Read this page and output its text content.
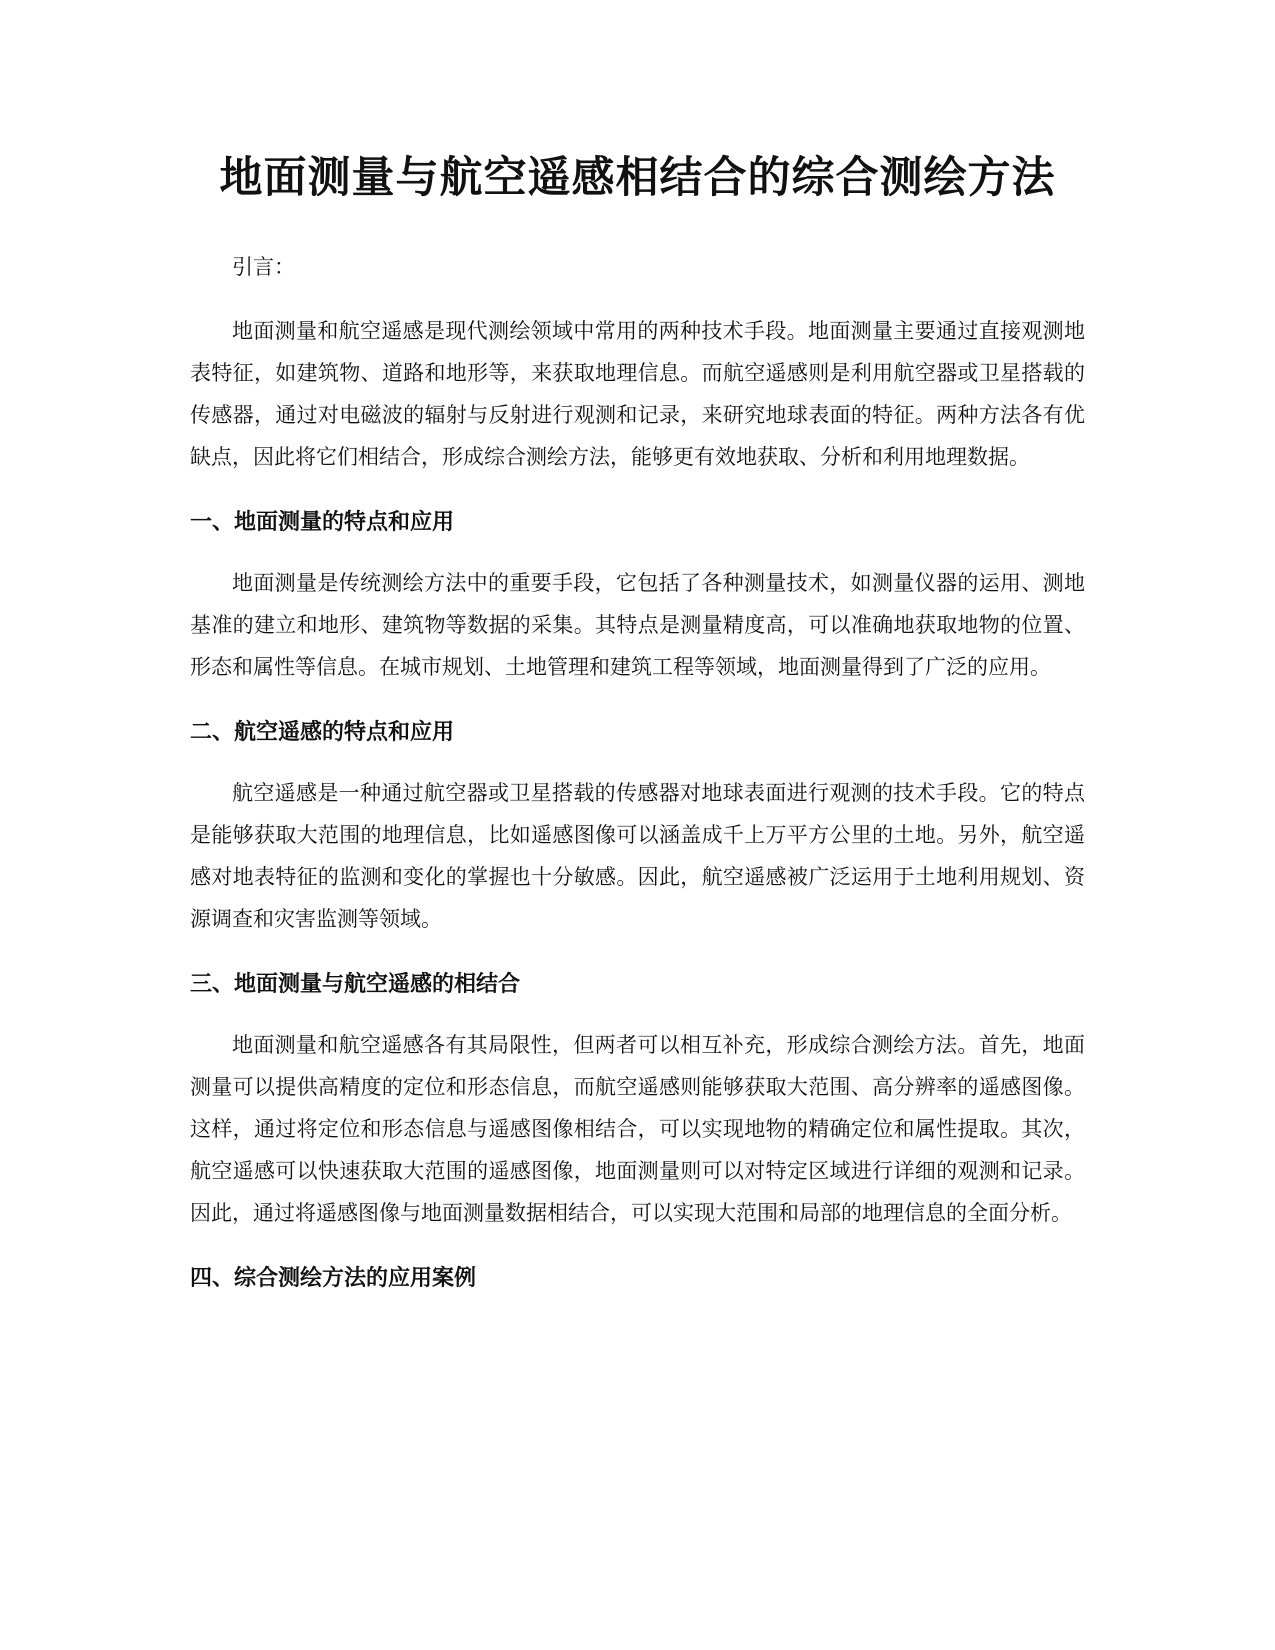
地面测量与航空遥感相结合的综合测绘方法

引言：

地面测量和航空遥感是现代测绘领域中常用的两种技术手段。地面测量主要通过直接观测地表特征，如建筑物、道路和地形等，来获取地理信息。而航空遥感则是利用航空器或卫星搭载的传感器，通过对电磁波的辐射与反射进行观测和记录，来研究地球表面的特征。两种方法各有优缺点，因此将它们相结合，形成综合测绘方法，能够更有效地获取、分析和利用地理数据。

一、地面测量的特点和应用

地面测量是传统测绘方法中的重要手段，它包括了各种测量技术，如测量仪器的运用、测地基准的建立和地形、建筑物等数据的采集。其特点是测量精度高，可以准确地获取地物的位置、形态和属性等信息。在城市规划、土地管理和建筑工程等领域，地面测量得到了广泛的应用。

二、航空遥感的特点和应用

航空遥感是一种通过航空器或卫星搭载的传感器对地球表面进行观测的技术手段。它的特点是能够获取大范围的地理信息，比如遥感图像可以涵盖成千上万平方公里的土地。另外，航空遥感对地表特征的监测和变化的掌握也十分敏感。因此，航空遥感被广泛运用于土地利用规划、资源调查和灾害监测等领域。

三、地面测量与航空遥感的相结合

地面测量和航空遥感各有其局限性，但两者可以相互补充，形成综合测绘方法。首先，地面测量可以提供高精度的定位和形态信息，而航空遥感则能够获取大范围、高分辨率的遥感图像。这样，通过将定位和形态信息与遥感图像相结合，可以实现地物的精确定位和属性提取。其次，航空遥感可以快速获取大范围的遥感图像，地面测量则可以对特定区域进行详细的观测和记录。因此，通过将遥感图像与地面测量数据相结合，可以实现大范围和局部的地理信息的全面分析。

四、综合测绘方法的应用案例
